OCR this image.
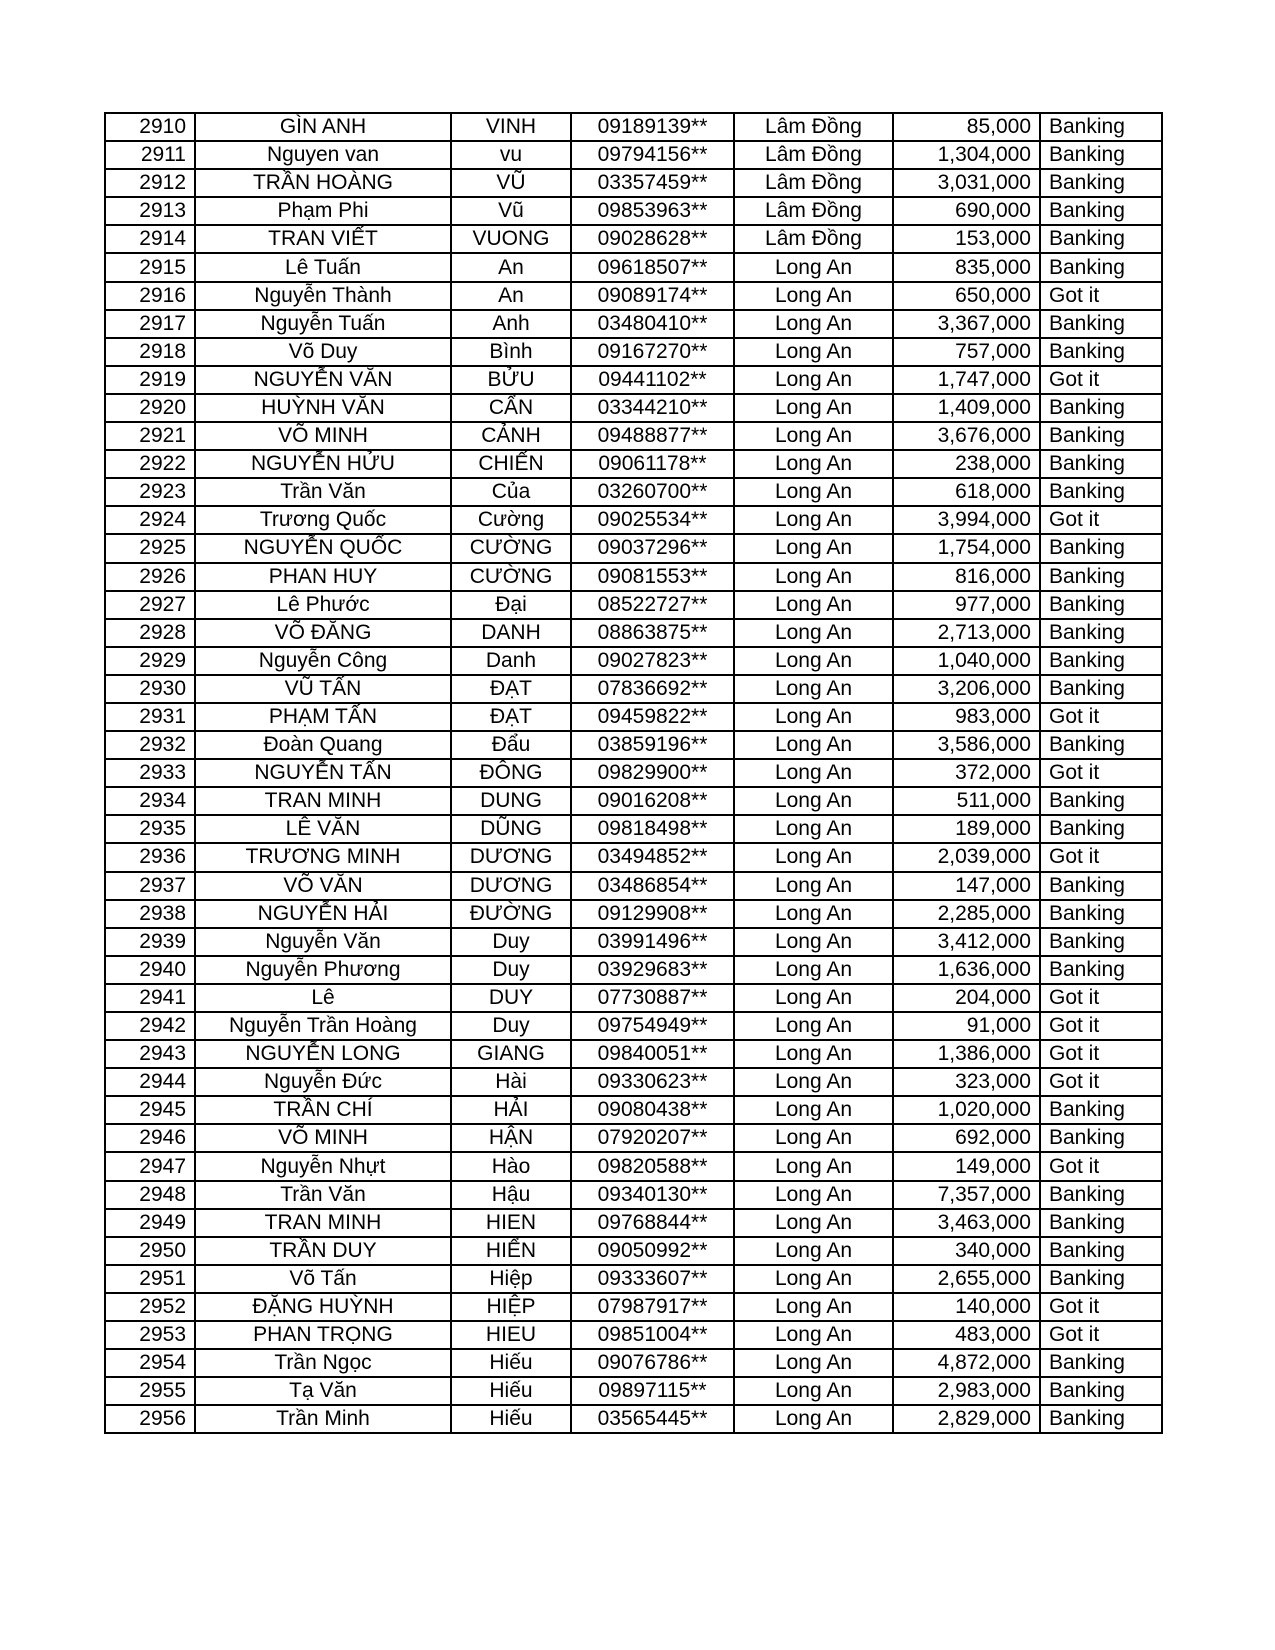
2910	GÌN ANH	VINH	09189139**	Lâm Đồng	85,000	Banking
2911	Nguyen van	vu	09794156**	Lâm Đồng	1,304,000	Banking
2912	TRẦN HOÀNG	VŨ	03357459**	Lâm Đồng	3,031,000	Banking
2913	Phạm Phi	Vũ	09853963**	Lâm Đồng	690,000	Banking
2914	TRAN VIẾT	VUONG	09028628**	Lâm Đồng	153,000	Banking
2915	Lê Tuấn	An	09618507**	Long An	835,000	Banking
2916	Nguyễn Thành	An	09089174**	Long An	650,000	Got it
2917	Nguyễn Tuấn	Anh	03480410**	Long An	3,367,000	Banking
2918	Võ Duy	Bình	09167270**	Long An	757,000	Banking
2919	NGUYỄN VĂN	BỬU	09441102**	Long An	1,747,000	Got it
2920	HUỲNH VĂN	CẨN	03344210**	Long An	1,409,000	Banking
2921	VÕ MINH	CẢNH	09488877**	Long An	3,676,000	Banking
2922	NGUYỄN HỬU	CHIẾN	09061178**	Long An	238,000	Banking
2923	Trần Văn	Của	03260700**	Long An	618,000	Banking
2924	Trương Quốc	Cường	09025534**	Long An	3,994,000	Got it
2925	NGUYỄN QUỐC	CƯỜNG	09037296**	Long An	1,754,000	Banking
2926	PHAN HUY	CƯỜNG	09081553**	Long An	816,000	Banking
2927	Lê Phước	Đại	08522727**	Long An	977,000	Banking
2928	VÕ ĐĂNG	DANH	08863875**	Long An	2,713,000	Banking
2929	Nguyễn Công	Danh	09027823**	Long An	1,040,000	Banking
2930	VŨ TẤN	ĐẠT	07836692**	Long An	3,206,000	Banking
2931	PHẠM TẤN	ĐẠT	09459822**	Long An	983,000	Got it
2932	Đoàn Quang	Đẩu	03859196**	Long An	3,586,000	Banking
2933	NGUYỄN TẤN	ĐÔNG	09829900**	Long An	372,000	Got it
2934	TRAN MINH	DUNG	09016208**	Long An	511,000	Banking
2935	LÊ VĂN	DŨNG	09818498**	Long An	189,000	Banking
2936	TRƯƠNG MINH	DƯƠNG	03494852**	Long An	2,039,000	Got it
2937	VÕ VĂN	DƯƠNG	03486854**	Long An	147,000	Banking
2938	NGUYỄN HẢI	ĐƯỜNG	09129908**	Long An	2,285,000	Banking
2939	Nguyễn Văn	Duy	03991496**	Long An	3,412,000	Banking
2940	Nguyễn Phương	Duy	03929683**	Long An	1,636,000	Banking
2941	Lê	DUY	07730887**	Long An	204,000	Got it
2942	Nguyễn Trần Hoàng	Duy	09754949**	Long An	91,000	Got it
2943	NGUYỄN LONG	GIANG	09840051**	Long An	1,386,000	Got it
2944	Nguyễn Đức	Hài	09330623**	Long An	323,000	Got it
2945	TRẦN CHÍ	HẢI	09080438**	Long An	1,020,000	Banking
2946	VÕ MINH	HẬN	07920207**	Long An	692,000	Banking
2947	Nguyễn Nhựt	Hào	09820588**	Long An	149,000	Got it
2948	Trần Văn	Hậu	09340130**	Long An	7,357,000	Banking
2949	TRAN MINH	HIEN	09768844**	Long An	3,463,000	Banking
2950	TRẦN DUY	HIỂN	09050992**	Long An	340,000	Banking
2951	Võ Tấn	Hiệp	09333607**	Long An	2,655,000	Banking
2952	ĐẶNG HUỲNH	HIỆP	07987917**	Long An	140,000	Got it
2953	PHAN TRỌNG	HIEU	09851004**	Long An	483,000	Got it
2954	Trần Ngọc	Hiếu	09076786**	Long An	4,872,000	Banking
2955	Tạ Văn	Hiếu	09897115**	Long An	2,983,000	Banking
2956	Trần Minh	Hiếu	03565445**	Long An	2,829,000	Banking
